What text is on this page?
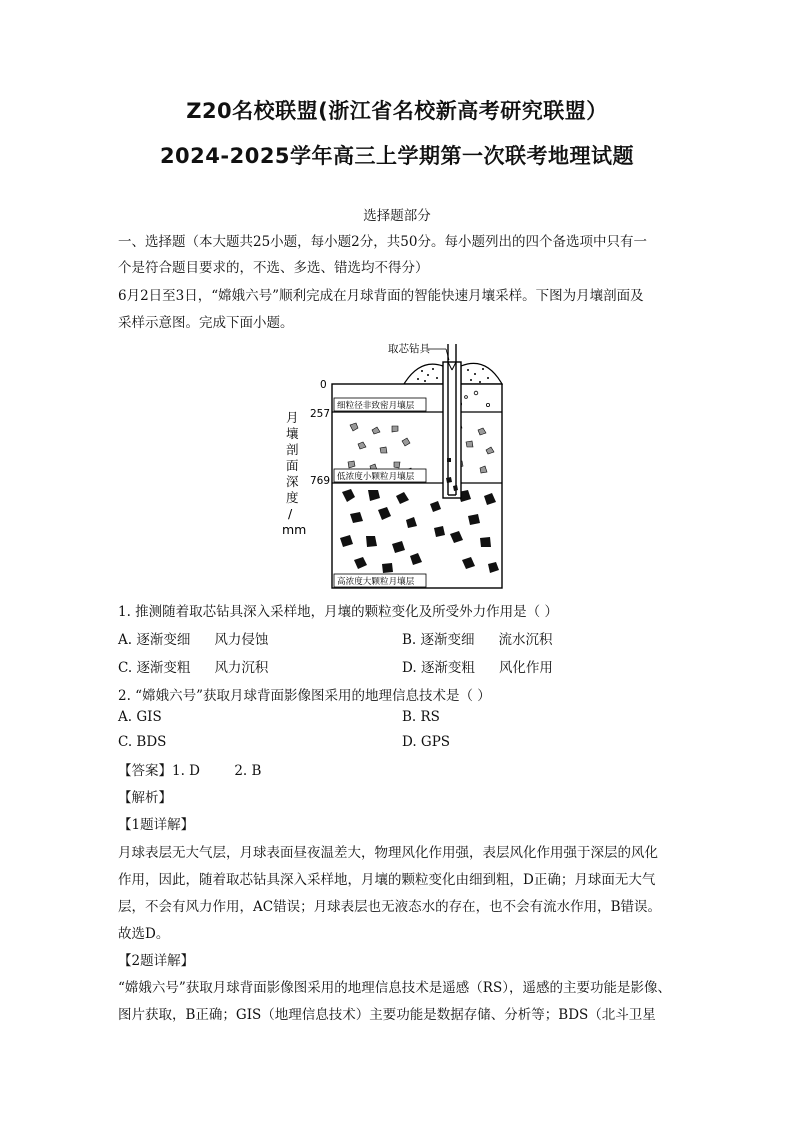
Z20名校联盟(浙江省名校新高考研究联盟）
2024-2025学年高三上学期第一次联考地理试题
选择题部分
一、选择题（本大题共25小题，每小题2分，共50分。每小题列出的四个备选项中只有一
个是符合题目要求的，不选、多选、错选均不得分）
6月2日至3日，“嫦娥六号”顺利完成在月球背面的智能快速月壤采样。下图为月壤剖面及
采样示意图。完成下面小题。
取芯钻具
0
257
769
细粒径非致密月壤层
低浓度小颗粒月壤层
高浓度大颗粒月壤层
月壤剖 面深度 / mm
1. 推测随着取芯钻具深入采样地，月壤的颗粒变化及所受外力作用是（ ）
A. 逐渐变细 风力侵蚀	B. 逐渐变细 流水沉积
C. 逐渐变粗 风力沉积	D. 逐渐变粗 风化作用
2. “嫦娥六号”获取月球背面影像图采用的地理信息技术是（ ）
A. GIS	B. RS
C. BDS	D. GPS
【答案】1. D        2. B
【解析】
【1题详解】
月球表层无大气层，月球表面昼夜温差大，物理风化作用强，表层风化作用强于深层的风化
作用，因此，随着取芯钻具深入采样地，月壤的颗粒变化由细到粗，D正确；月球面无大气
层，不会有风力作用，AC错误；月球表层也无液态水的存在，也不会有流水作用，B错误。
故选D。
【2题详解】
“嫦娥六号”获取月球背面影像图采用的地理信息技术是遥感（RS），遥感的主要功能是影像、
图片获取，B正确；GIS（地理信息技术）主要功能是数据存储、分析等；BDS（北斗卫星
